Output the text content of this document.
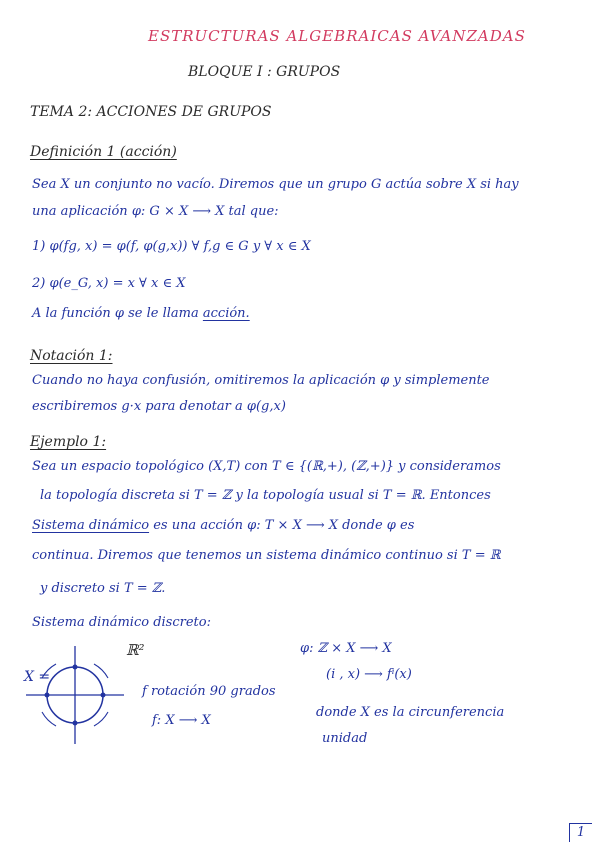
ESTRUCTURAS ALGEBRAICAS AVANZADAS
BLOQUE I : GRUPOS
TEMA 2: ACCIONES DE GRUPOS
Definición 1 (acción)
Sea X un conjunto no vacío. Diremos que un grupo G actúa sobre X si hay
una aplicación φ: G × X ⟶ X tal que:
1) φ(fg, x) = φ(f, φ(g,x)) ∀ f,g ∈ G y ∀ x ∈ X
2) φ(e_G, x) = x ∀ x ∈ X
A la función φ se le llama acción.
Notación 1:
Cuando no haya confusión, omitiremos la aplicación φ y simplemente
escribiremos g·x para denotar a φ(g,x)
Ejemplo 1:
Sea un espacio topológico (X,T) con T ∈ {(ℝ,+), (ℤ,+)} y consideramos
la topología discreta si T = ℤ y la topología usual si T = ℝ. Entonces
Sistema dinámico es una acción φ: T × X ⟶ X donde φ es
continua. Diremos que tenemos un sistema dinámico continuo si T = ℝ
y discreto si T = ℤ.
Sistema dinámico discreto:
X =
ℝ²
f rotación 90 grados
f: X ⟶ X
φ: ℤ × X ⟶ X
(i , x) ⟶ fⁱ(x)
donde X es la circunferencia
unidad
1
